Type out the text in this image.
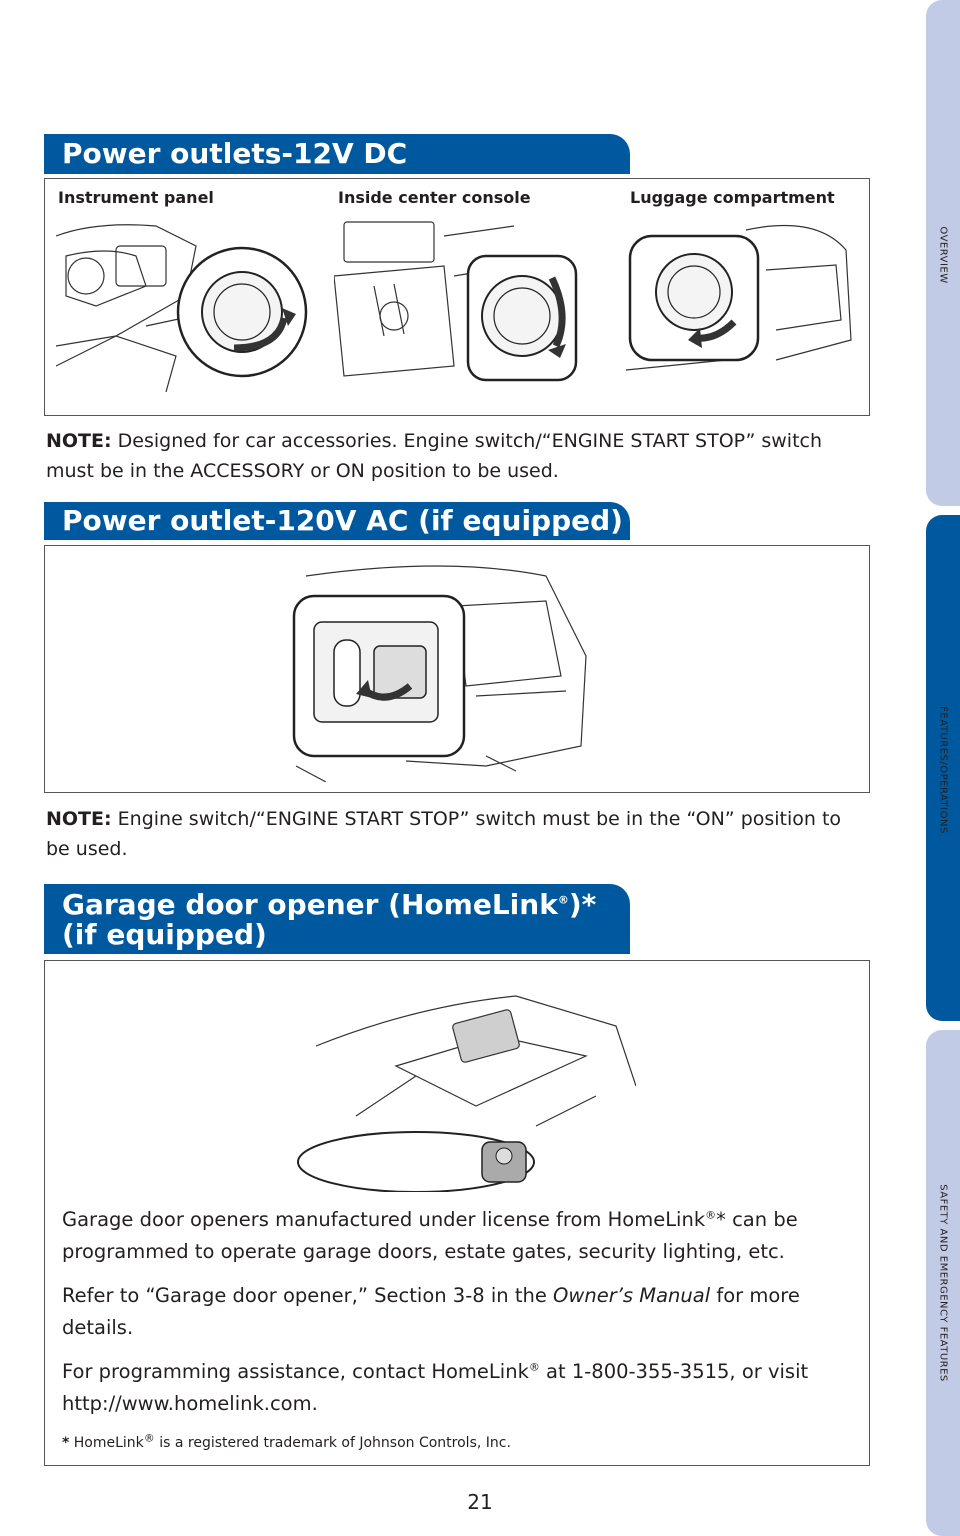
OVERVIEW
FEATURES/OPERATIONS
SAFETY AND EMERGENCY FEATURES
Power outlets-12V DC
Instrument panel	Inside center console	Luggage compartment
NOTE: Designed for car accessories. Engine switch/“ENGINE START STOP” switch must be in the ACCESSORY or ON position to be used.
Power outlet-120V AC (if equipped)
NOTE: Engine switch/“ENGINE START STOP” switch must be in the “ON” position to be used.
Garage door opener (HomeLink®)*
(if equipped)

Garage door openers manufactured under license from HomeLink®* can be programmed to operate garage doors, estate gates, security lighting, etc.

Refer to “Garage door opener,” Section 3-8 in the Owner’s Manual for more details.

For programming assistance, contact HomeLink® at 1-800-355-3515, or visit http://www.homelink.com.

* HomeLink® is a registered trademark of Johnson Controls, Inc.

21
